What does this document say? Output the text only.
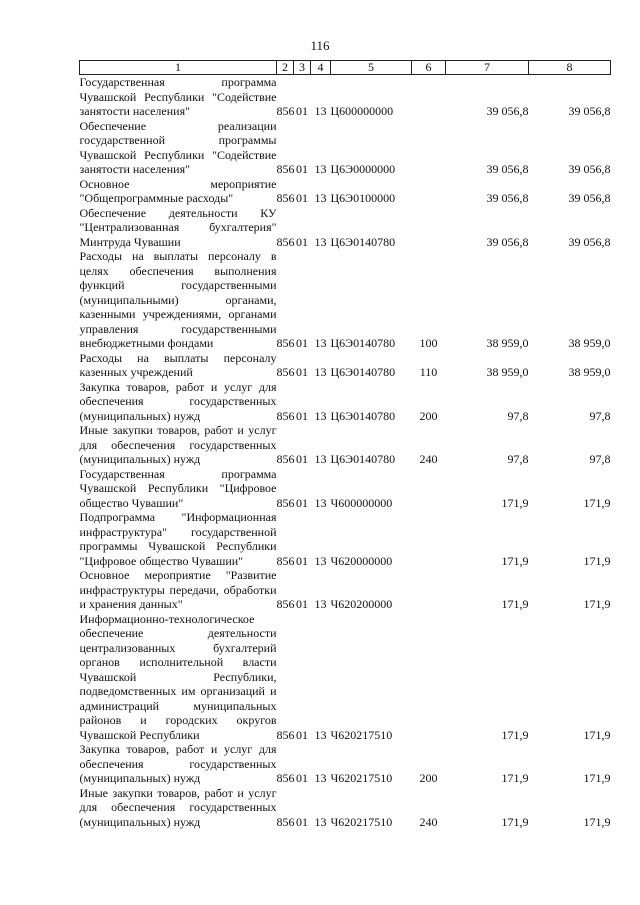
116
1	2	3	4	5	6	7	8
Государственная программа Чувашской Республики "Содействие занятости населения"	856	01	13	Ц600000000		39 056,8	39 056,8
Обеспечение реализации государственной программы Чувашской Республики "Содействие занятости населения"	856	01	13	Ц6Э0000000		39 056,8	39 056,8
Основное мероприятие "Общепрограммные расходы"	856	01	13	Ц6Э0100000		39 056,8	39 056,8
Обеспечение деятельности КУ "Централизованная бухгалтерия" Минтруда Чувашии	856	01	13	Ц6Э0140780		39 056,8	39 056,8
Расходы на выплаты персоналу в целях обеспечения выполнения функций государственными (муниципальными) органами, казенными учреждениями, органами управления государственными внебюджетными фондами	856	01	13	Ц6Э0140780	100	38 959,0	38 959,0
Расходы на выплаты персоналу казенных учреждений	856	01	13	Ц6Э0140780	110	38 959,0	38 959,0
Закупка товаров, работ и услуг для обеспечения государственных (муниципальных) нужд	856	01	13	Ц6Э0140780	200	97,8	97,8
Иные закупки товаров, работ и услуг для обеспечения государственных (муниципальных) нужд	856	01	13	Ц6Э0140780	240	97,8	97,8
Государственная программа Чувашской Республики "Цифровое общество Чувашии"	856	01	13	Ч600000000		171,9	171,9
Подпрограмма "Информационная инфраструктура" государственной программы Чувашской Республики "Цифровое общество Чувашии"	856	01	13	Ч620000000		171,9	171,9
Основное мероприятие "Развитие инфраструктуры передачи, обработки и хранения данных"	856	01	13	Ч620200000		171,9	171,9
Информационно-технологическое обеспечение деятельности централизованных бухгалтерий органов исполнительной власти Чувашской Республики, подведомственных им организаций и администраций муниципальных районов и городских округов Чувашской Республики	856	01	13	Ч620217510		171,9	171,9
Закупка товаров, работ и услуг для обеспечения государственных (муниципальных) нужд	856	01	13	Ч620217510	200	171,9	171,9
Иные закупки товаров, работ и услуг для обеспечения государственных (муниципальных) нужд	856	01	13	Ч620217510	240	171,9	171,9
